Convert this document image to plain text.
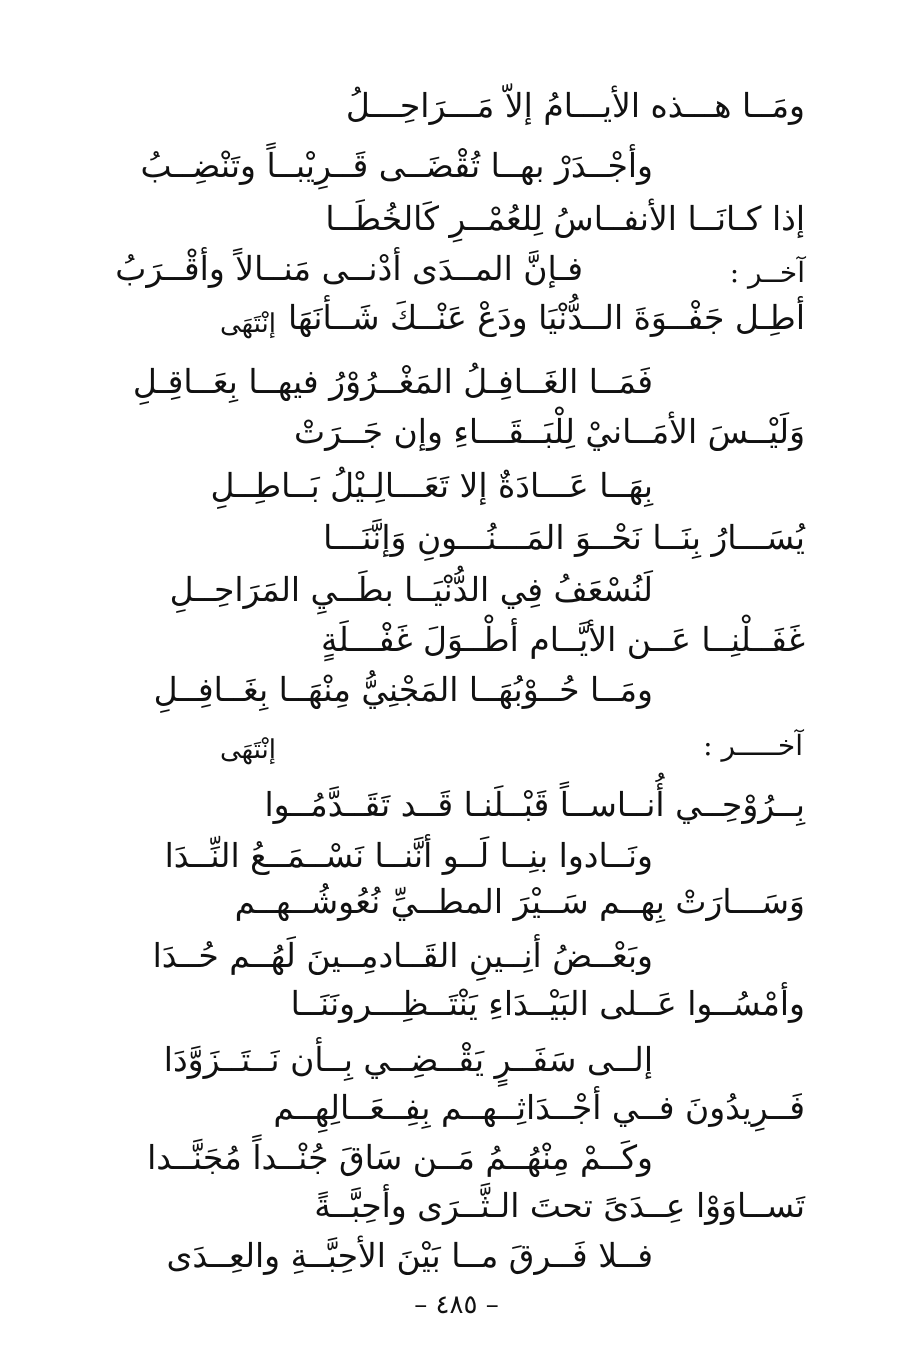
ومَــا هـــذه الأيـــامُ إلاّ مَـــرَاحِـــلُ
وأجْــدَرْ بهــا تُقْضَــى قَــرِيْبــاً وتَنْضِــبُ
إذا كـانَــا الأنفــاسُ لِلعُمْــرِ كَالخُطَــا
آخــر :
فـإنَّ المــدَى أدْنــى مَنــالاً وأقْــرَبُ
أطِـل جَفْــوَةَ الــدُّنْيَا ودَعْ عَنْــكَ شَــأنَهَا
إنْتَهَى
فَمَــا الغَــافِـلُ المَغْــرُوْرُ فيهــا بِعَــاقِـلِ
وَلَيْــسَ الأمَــانيْ لِلْبَــقَـــاءِ وإن جَــرَتْ
بِهَــا عَـــادَةٌ إلا تَعَـــالِـيْلُ بَــاطِــلِ
يُسَـــارُ بِنَــا نَحْــوَ المَـــنُـــونِ وَإنَّنَـــا
لَنُسْعَفُ فِي الدُّنْيَــا بطَــيِ المَرَاحِــلِ
غَفَــلْنِــا عَــن الأيَّــام أطْــوَلَ غَفْـــلَةٍ
ومَــا حُــوْبُهَــا المَجْنِيُّ مِنْهَــا بِغَــافِــلِ
آخـــــر :
إنْتَهَى
بِــرُوْحِــي أُنــاســاً قَبْــلَنـا قَــد تَقَــدَّمُــوا
ونَــادوا بنِــا لَــو أنَّنــا نَسْــمَــعُ النِّــدَا
وَسَـــارَتْ بِهــم سَــيْرَ المطــيِّ نُعُوشُــهــم
وبَعْــضُ أنِــينِ القَــادمِــينَ لَهُــم حُــدَا
وأمْسُــوا عَــلى البَيْــدَاءِ يَنْتَــظِـــرونَنَــا
إلــى سَفَــرٍ يَقْــضِــي بِــأن نَــتَــزَوَّدَا
فَــرِيدُونَ فــي أجْــدَاثِــهــم بِفِــعَــالِهِــم
وكَــمْ مِنْهُــمُ مَــن سَاقَ جُنْــداً مُجَنَّــدا
تَســاوَوْا عِــدَىً تحتَ الـثَّــرَى وأحِبَّــةً
فــلا فَــرقَ مــا بَيْنَ الأحِبَّــةِ والعِــدَى
– ٤٨٥ –
